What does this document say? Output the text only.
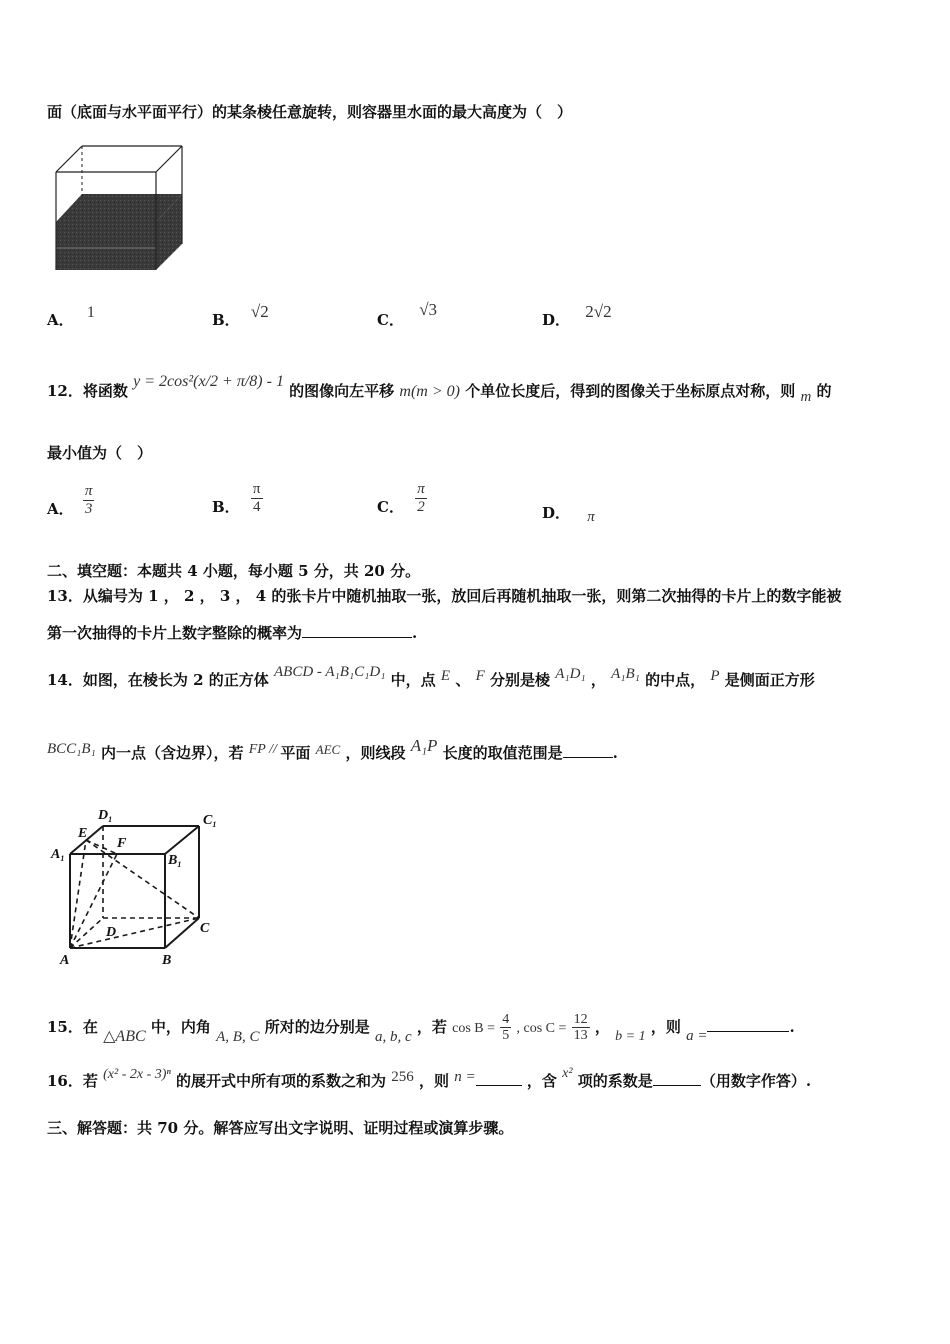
面（底面与水平面平行）的某条棱任意旋转，则容器里水面的最大高度为（　）
A． 1	B． √2	C． √3
D． 2√2
12．将函数 y = 2cos²(x/2 + π/8) - 1 的图像向左平移 m(m > 0) 个单位长度后，得到的图像关于坐标原点对称，则 m 的
最小值为（　）
A． $\frac{\pi}{3}$	B． $\frac{\pi}{4}$	C． $\frac{\pi}{2}$	D． π
二、填空题：本题共 4 小题，每小题 5 分，共 20 分。
13．从编号为 1 ， 2 ， 3 ， 4 的张卡片中随机抽取一张，放回后再随机抽取一张，则第二次抽得的卡片上的数字能被
第一次抽得的卡片上数字整除的概率为	.
14．如图，在棱长为 2 的正方体 ABCD - A₁B₁C₁D₁ 中，点 E 、 F 分别是棱 A₁D₁ ， A₁B₁ 的中点， P 是侧面正方形
BCC₁B₁ 内一点（含边界），若 FP // 平面 AEC ，则线段 A₁P 长度的取值范围是	.
$D_1$	$C_1$
E
F
$A_1$	$B_1$
D	C
A	B
15．在 △ABC 中，内角 A, B, C 所对的边分别是 a, b, c ，若 $\cos B = \frac{4}{5}$ , $\cos C = \frac{12}{13}$ ， b = 1 ，则 a =	.
16．若 (x² - 2x - 3)ⁿ 的展开式中所有项的系数之和为 256 ，则 n =	，含 x² 项的系数是	（用数字作答）.
三、解答题：共 70 分。解答应写出文字说明、证明过程或演算步骤。
